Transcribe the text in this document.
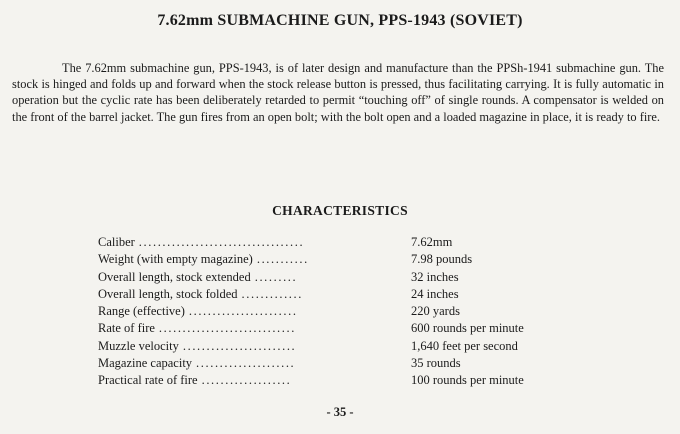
7.62mm SUBMACHINE GUN, PPS-1943 (SOVIET)
The 7.62mm submachine gun, PPS-1943, is of later design and manufacture than the PPSh-1941 submachine gun. The stock is hinged and folds up and forward when the stock release button is pressed, thus facilitating carrying. It is fully automatic in operation but the cyclic rate has been deliberately retarded to permit “touching off” of single rounds. A compensator is welded on the front of the barrel jacket. The gun fires from an open bolt; with the bolt open and a loaded magazine in place, it is ready to fire.
CHARACTERISTICS
Caliber ...................................	7.62mm
Weight (with empty magazine) ...........	7.98 pounds
Overall length, stock extended .........	32 inches
Overall length, stock folded .............	24 inches
Range (effective) .......................	220 yards
Rate of fire .............................	600 rounds per minute
Muzzle velocity ........................	1,640 feet per second
Magazine capacity .....................	35 rounds
Practical rate of fire ...................	100 rounds per minute
- 35 -
